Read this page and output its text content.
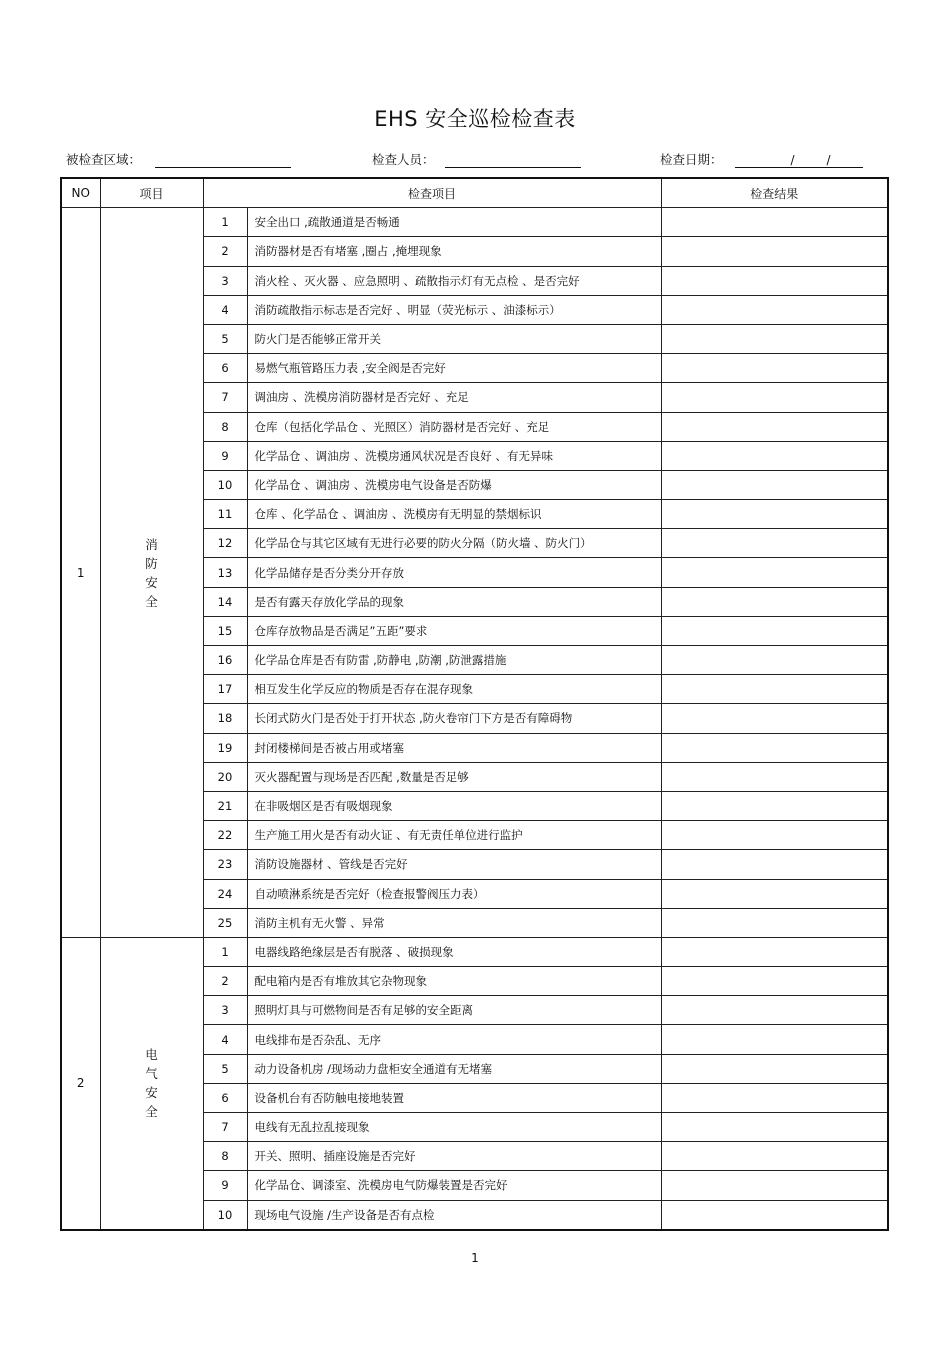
EHS 安全巡检检查表
被检查区域：	检查人员：	检查日期：	/	/
NO	项目	检查项目		检查结果
1	消防安全	1	安全出口 ,疏散通道是否畅通	
		2	消防器材是否有堵塞 ,圈占 ,掩埋现象	
		3	消火栓 、灭火器 、应急照明 、疏散指示灯有无点检 、是否完好	
		4	消防疏散指示标志是否完好 、明显（荧光标示 、油漆标示）	
		5	防火门是否能够正常开关	
		6	易燃气瓶管路压力表 ,安全阀是否完好	
		7	调油房 、洗模房消防器材是否完好 、充足	
		8	仓库（包括化学品仓 、光照区）消防器材是否完好 、充足	
		9	化学品仓 、调油房 、洗模房通风状况是否良好 、有无异味	
		10	化学品仓 、调油房 、洗模房电气设备是否防爆	
		11	仓库 、化学品仓 、调油房 、洗模房有无明显的禁烟标识	
		12	化学品仓与其它区域有无进行必要的防火分隔（防火墙 、防火门）	
		13	化学品储存是否分类分开存放	
		14	是否有露天存放化学品的现象	
		15	仓库存放物品是否满足”五距”要求	
		16	化学品仓库是否有防雷 ,防静电 ,防潮 ,防泄露措施	
		17	相互发生化学反应的物质是否存在混存现象	
		18	长闭式防火门是否处于打开状态 ,防火卷帘门下方是否有障碍物	
		19	封闭楼梯间是否被占用或堵塞	
		20	灭火器配置与现场是否匹配 ,数量是否足够	
		21	在非吸烟区是否有吸烟现象	
		22	生产施工用火是否有动火证 、有无责任单位进行监护	
		23	消防设施器材 、管线是否完好	
		24	自动喷淋系统是否完好（检查报警阀压力表）	
		25	消防主机有无火警 、异常	
2	电气安全	1	电器线路绝缘层是否有脱落 、破损现象	
		2	配电箱内是否有堆放其它杂物现象	
		3	照明灯具与可燃物间是否有足够的安全距离	
		4	电线排布是否杂乱、无序	
		5	动力设备机房 /现场动力盘柜安全通道有无堵塞	
		6	设备机台有否防触电接地装置	
		7	电线有无乱拉乱接现象	
		8	开关、照明、插座设施是否完好	
		9	化学品仓、调漆室、洗模房电气防爆装置是否完好	
		10	现场电气设施 /生产设备是否有点检	
1
